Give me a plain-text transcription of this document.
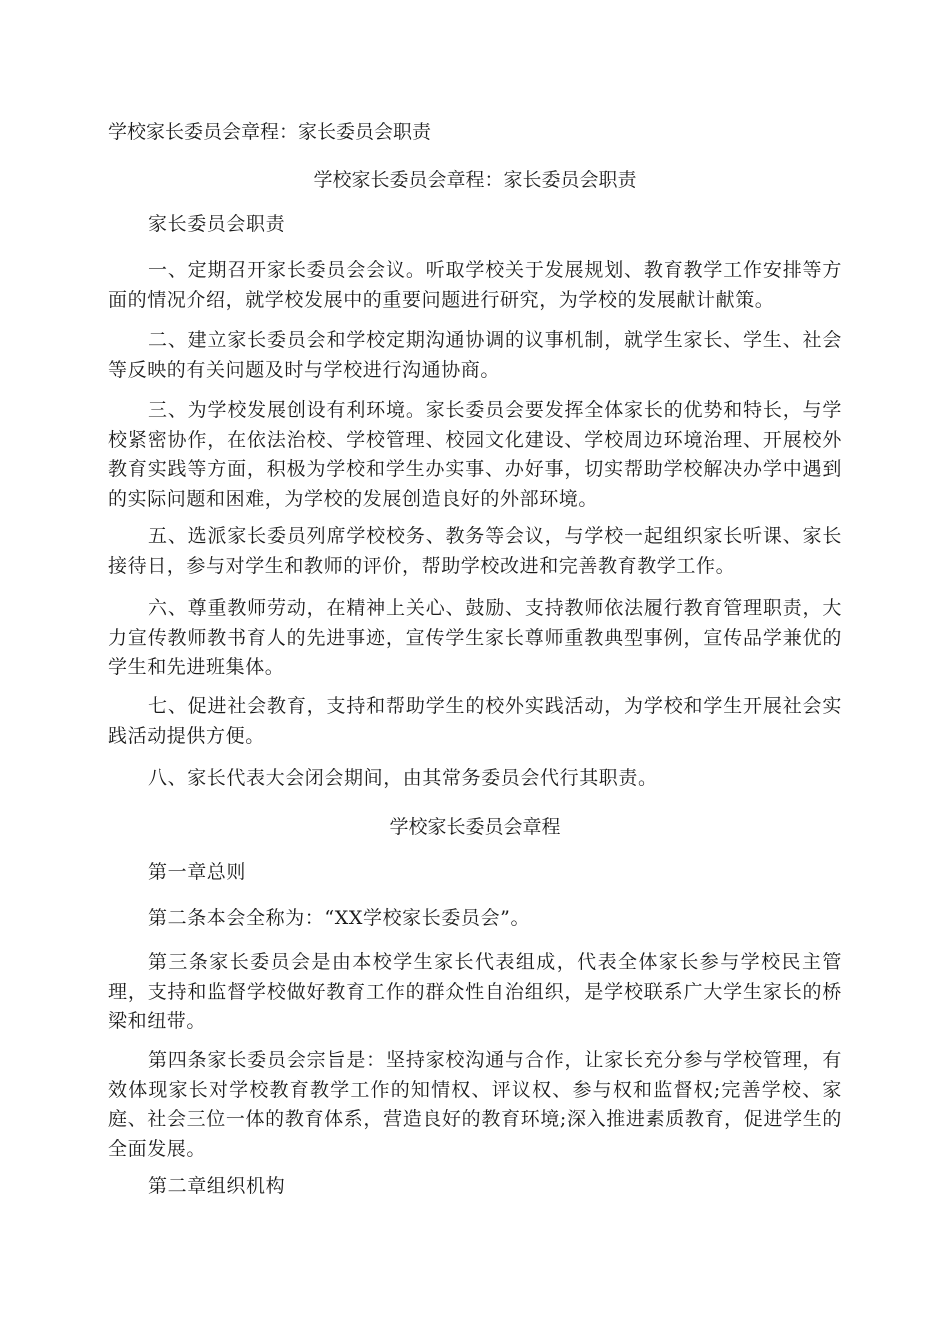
学校家长委员会章程：家长委员会职责
学校家长委员会章程：家长委员会职责

家长委员会职责

一、定期召开家长委员会会议。听取学校关于发展规划、教育教学工作安排等方面的情况介绍，就学校发展中的重要问题进行研究，为学校的发展献计献策。

二、建立家长委员会和学校定期沟通协调的议事机制，就学生家长、学生、社会等反映的有关问题及时与学校进行沟通协商。

三、为学校发展创设有利环境。家长委员会要发挥全体家长的优势和特长，与学校紧密协作，在依法治校、学校管理、校园文化建设、学校周边环境治理、开展校外教育实践等方面，积极为学校和学生办实事、办好事，切实帮助学校解决办学中遇到的实际问题和困难，为学校的发展创造良好的外部环境。

五、选派家长委员列席学校校务、教务等会议，与学校一起组织家长听课、家长接待日，参与对学生和教师的评价，帮助学校改进和完善教育教学工作。

六、尊重教师劳动，在精神上关心、鼓励、支持教师依法履行教育管理职责，大力宣传教师教书育人的先进事迹，宣传学生家长尊师重教典型事例，宣传品学兼优的学生和先进班集体。

七、促进社会教育，支持和帮助学生的校外实践活动，为学校和学生开展社会实践活动提供方便。

八、家长代表大会闭会期间，由其常务委员会代行其职责。

学校家长委员会章程

第一章总则

第二条本会全称为：“XX学校家长委员会”。

第三条家长委员会是由本校学生家长代表组成，代表全体家长参与学校民主管理，支持和监督学校做好教育工作的群众性自治组织，是学校联系广大学生家长的桥梁和纽带。

第四条家长委员会宗旨是：坚持家校沟通与合作，让家长充分参与学校管理，有效体现家长对学校教育教学工作的知情权、评议权、参与权和监督权;完善学校、家庭、社会三位一体的教育体系，营造良好的教育环境;深入推进素质教育，促进学生的全面发展。

第二章组织机构
